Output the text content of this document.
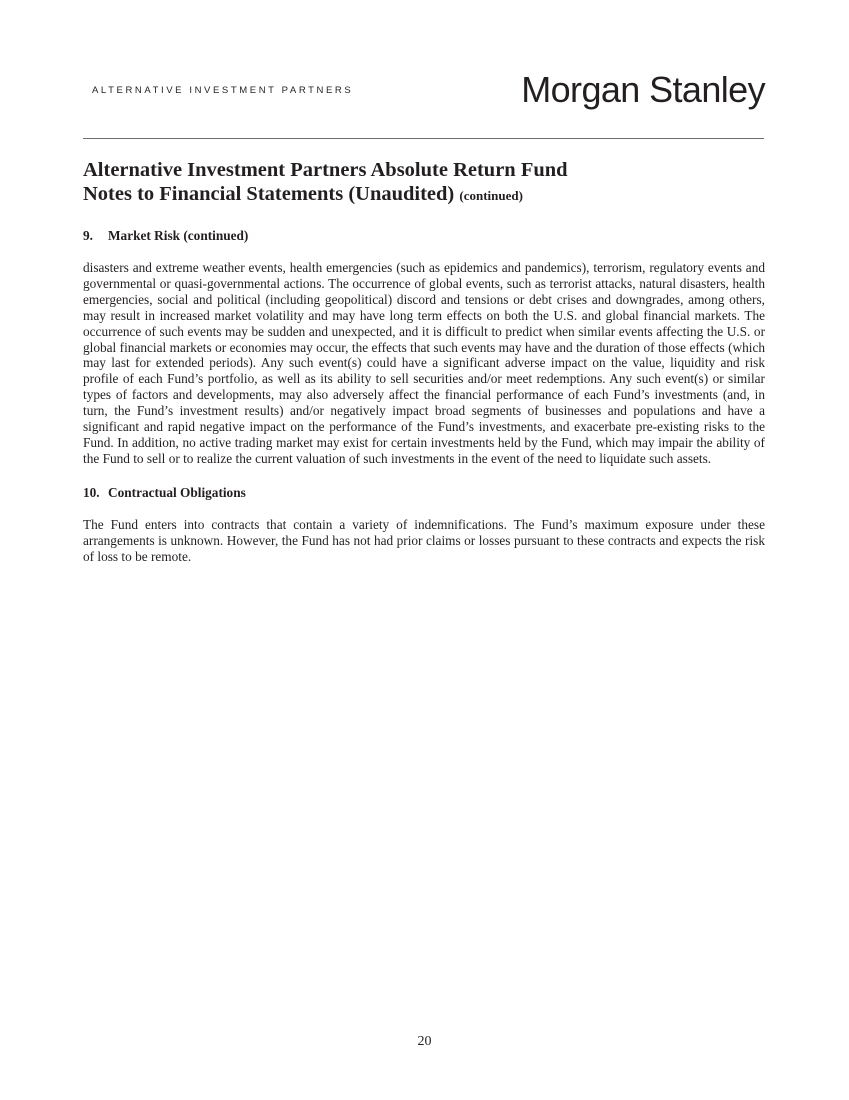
ALTERNATIVE INVESTMENT PARTNERS	Morgan Stanley
Alternative Investment Partners Absolute Return Fund
Notes to Financial Statements (Unaudited) (continued)
9. Market Risk (continued)

disasters and extreme weather events, health emergencies (such as epidemics and pandemics), terrorism, regulatory events and governmental or quasi-governmental actions. The occurrence of global events, such as terrorist attacks, natural disasters, health emergencies, social and political (including geopolitical) discord and tensions or debt crises and downgrades, among others, may result in increased market volatility and may have long term effects on both the U.S. and global financial markets. The occurrence of such events may be sudden and unexpected, and it is difficult to predict when similar events affecting the U.S. or global financial markets or economies may occur, the effects that such events may have and the duration of those effects (which may last for extended periods). Any such event(s) could have a significant adverse impact on the value, liquidity and risk profile of each Fund’s portfolio, as well as its ability to sell securities and/or meet redemptions. Any such event(s) or similar types of factors and developments, may also adversely affect the financial performance of each Fund’s investments (and, in turn, the Fund’s investment results) and/or negatively impact broad segments of businesses and populations and have a significant and rapid negative impact on the performance of the Fund’s investments, and exacerbate pre-existing risks to the Fund. In addition, no active trading market may exist for certain investments held by the Fund, which may impair the ability of the Fund to sell or to realize the current valuation of such investments in the event of the need to liquidate such assets.

10. Contractual Obligations

The Fund enters into contracts that contain a variety of indemnifications. The Fund’s maximum exposure under these arrangements is unknown. However, the Fund has not had prior claims or losses pursuant to these contracts and expects the risk of loss to be remote.

20
